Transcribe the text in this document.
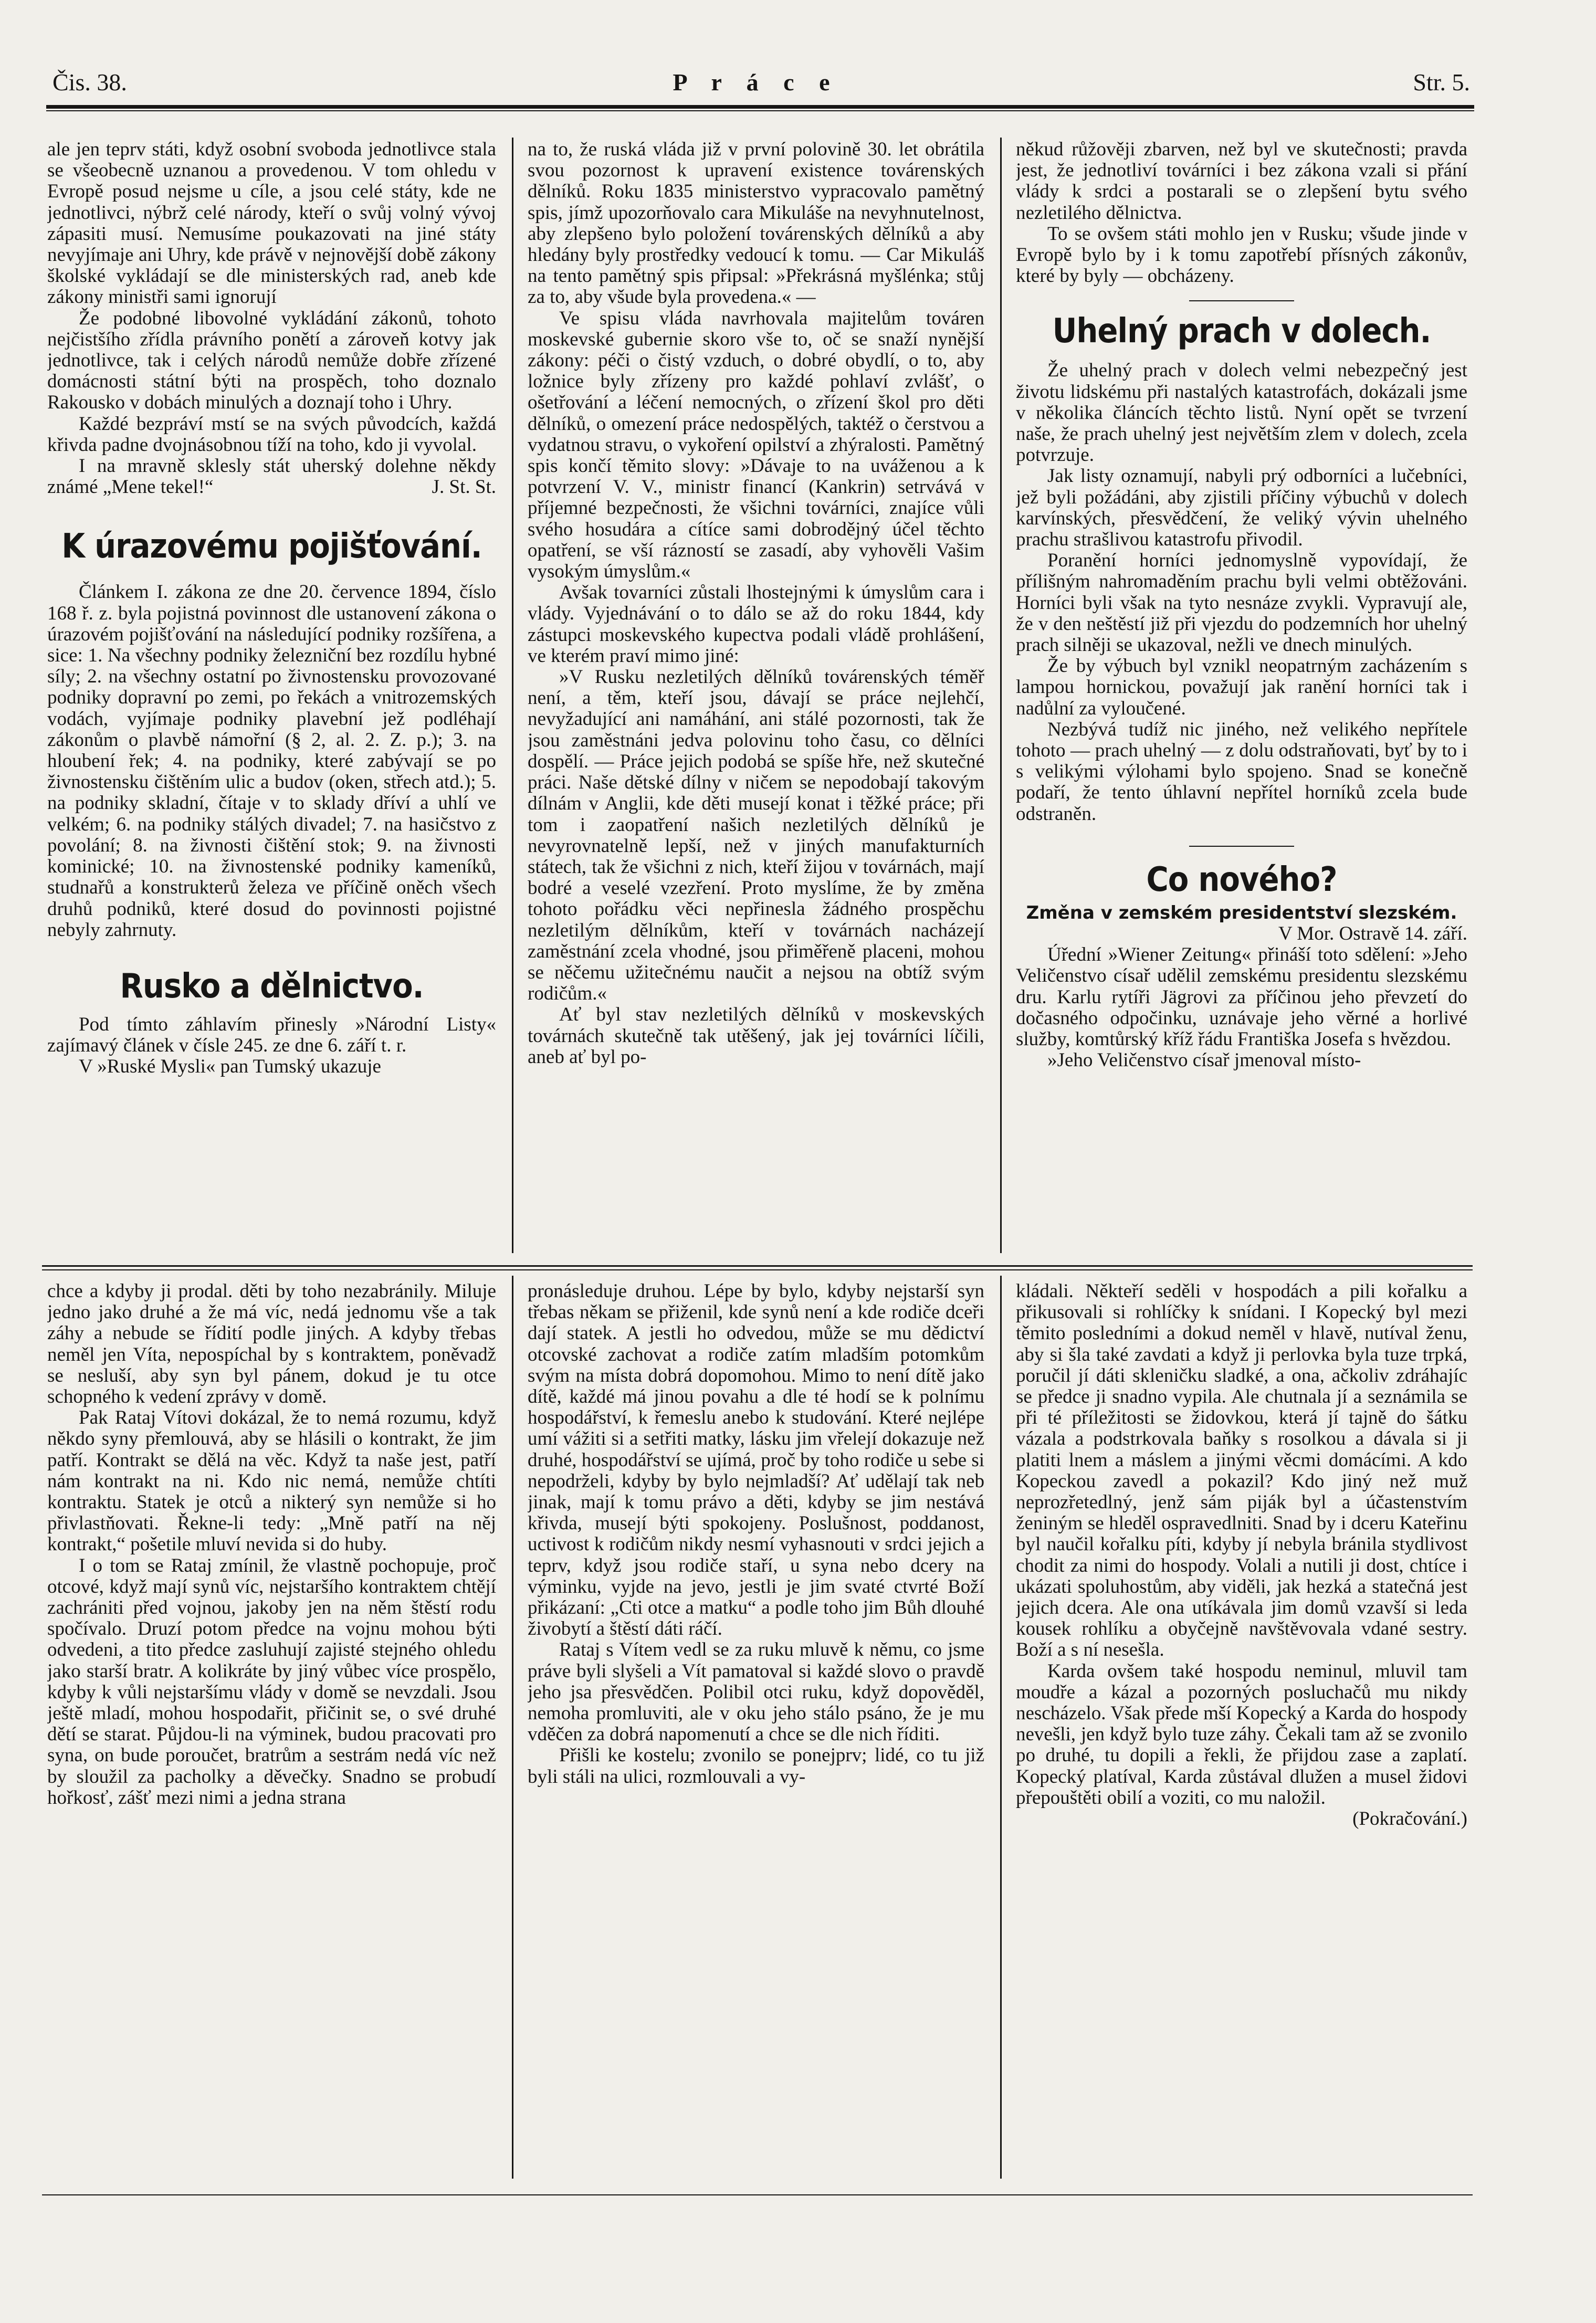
Čis. 38.	P r á c e	Str. 5.

ale jen teprv státi, když osobní svoboda jednotlivce stala se všeobecně uznanou a provedenou. V tom ohledu v Evropě posud nejsme u cíle, a jsou celé státy, kde ne jednotlivci, nýbrž celé národy, kteří o svůj volný vývoj zápasiti musí. Nemusíme poukazovati na jiné státy nevyjímaje ani Uhry, kde právě v nejnovější době zákony školské vykládají se dle ministerských rad, aneb kde zákony ministři sami ignorují

Že podobné libovolné vykládání zákonů, tohoto nejčistšího zřídla právního ponětí a zároveň kotvy jak jednotlivce, tak i celých národů nemůže dobře zřízené domácnosti státní býti na prospěch, toho doznalo Rakousko v dobách minulých a doznají toho i Uhry.

Každé bezpráví mstí se na svých původcích, každá křivda padne dvojnásobnou tíží na toho, kdo ji vyvolal.

I na mravně sklesly stát uherský dolehne někdy známé „Mene tekel!“	J. St. St.

K úrazovému pojišťování.

Článkem I. zákona ze dne 20. července 1894, číslo 168 ř. z. byla pojistná povinnost dle ustanovení zákona o úrazovém pojišťování na následující podniky rozšířena, a sice: 1. Na všechny podniky železniční bez rozdílu hybné síly; 2. na všechny ostatní po živnostensku provozované podniky dopravní po zemi, po řekách a vnitrozemských vodách, vyjímaje podniky plavební jež podléhají zákonům o plavbě námořní (§ 2, al. 2. Z. p.); 3. na hloubení řek; 4. na podniky, které zabývají se po živnostensku čištěním ulic a budov (oken, střech atd.); 5. na podniky skladní, čítaje v to sklady dříví a uhlí ve velkém; 6. na podniky stálých divadel; 7. na hasičstvo z povolání; 8. na živnosti čištění stok; 9. na živnosti kominické; 10. na živnostenské podniky kameníků, studnařů a konstrukterů železa ve příčině oněch všech druhů podniků, které dosud do povinnosti pojistné nebyly zahrnuty.

Rusko a dělnictvo.

Pod tímto záhlavím přinesly »Národní Listy« zajímavý článek v čísle 245. ze dne 6. září t. r.

V »Ruské Mysli« pan Tumský ukazuje

na to, že ruská vláda již v první polovině 30. let obrátila svou pozornost k upravení existence továrenských dělníků. Roku 1835 ministerstvo vypracovalo pamětný spis, jímž upozorňovalo cara Mikuláše na nevyhnutelnost, aby zlepšeno bylo položení továrenských dělníků a aby hledány byly prostředky vedoucí k tomu. — Car Mikuláš na tento pamětný spis připsal: »Překrásná myšlénka; stůj za to, aby všude byla provedena.« —

Ve spisu vláda navrhovala majitelům továren moskevské gubernie skoro vše to, oč se snaží nynější zákony: péči o čistý vzduch, o dobré obydlí, o to, aby ložnice byly zřízeny pro každé pohlaví zvlášť, o ošetřování a léčení nemocných, o zřízení škol pro děti dělníků, o omezení práce nedospělých, taktéž o čerstvou a vydatnou stravu, o vykoření opilství a zhýralosti. Pamětný spis končí těmito slovy: »Dávaje to na uváženou a k potvrzení V. V., ministr financí (Kankrin) setrvává v příjemné bezpečnosti, že všichni továrníci, znajíce vůli svého hosudára a cítíce sami dobrodějný účel těchto opatření, se vší rázností se zasadí, aby vyhověli Vašim vysokým úmyslům.«

Avšak tovarníci zůstali lhostejnými k úmyslům cara i vlády. Vyjednávání o to dálo se až do roku 1844, kdy zástupci moskevského kupectva podali vládě prohlášení, ve kterém praví mimo jiné:

»V Rusku nezletilých dělníků továrenských téměř není, a těm, kteří jsou, dávají se práce nejlehčí, nevyžadující ani namáhání, ani stálé pozornosti, tak že jsou zaměstnáni jedva polovinu toho času, co dělníci dospělí. — Práce jejich podobá se spíše hře, než skutečné práci. Naše dětské dílny v ničem se nepodobají takovým dílnám v Anglii, kde děti musejí konat i těžké práce; při tom i zaopatření našich nezletilých dělníků je nevyrovnatelně lepší, než v jiných manufakturních státech, tak že všichni z nich, kteří žijou v továrnách, mají bodré a veselé vzezření. Proto myslíme, že by změna tohoto pořádku věci nepřinesla žádného prospěchu nezletilým dělníkům, kteří v továrnách nacházejí zaměstnání zcela vhodné, jsou přiměřeně placeni, mohou se něčemu užitečnému naučit a nejsou na obtíž svým rodičům.«

Ať byl stav nezletilých dělníků v moskevských továrnách skutečně tak utěšený, jak jej továrníci líčili, aneb ať byl po-

někud růžověji zbarven, než byl ve skutečnosti; pravda jest, že jednotliví továrníci i bez zákona vzali si přání vlády k srdci a postarali se o zlepšení bytu svého nezletilého dělnictva.

To se ovšem státi mohlo jen v Rusku; všude jinde v Evropě bylo by i k tomu zapotřebí přísných zákonův, které by byly — obcházeny.

Uhelný prach v dolech.

Že uhelný prach v dolech velmi nebezpečný jest životu lidskému při nastalých katastrofách, dokázali jsme v několika článcích těchto listů. Nyní opět se tvrzení naše, že prach uhelný jest největším zlem v dolech, zcela potvrzuje.

Jak listy oznamují, nabyli prý odborníci a lučebníci, jež byli požádáni, aby zjistili příčiny výbuchů v dolech karvínských, přesvědčení, že veliký vývin uhelného prachu strašlivou katastrofu přivodil.

Poranění horníci jednomyslně vypovídají, že přílišným nahromaděním prachu byli velmi obtěžováni. Horníci byli však na tyto nesnáze zvykli. Vypravují ale, že v den neštěstí již při vjezdu do podzemních hor uhelný prach silněji se ukazoval, nežli ve dnech minulých.

Že by výbuch byl vznikl neopatrným zacházením s lampou hornickou, považují jak ranění horníci tak i nadůlní za vyloučené.

Nezbývá tudíž nic jiného, než velikého nepřítele tohoto — prach uhelný — z dolu odstraňovati, byť by to i s velikými výlohami bylo spojeno. Snad se konečně podaří, že tento úhlavní nepřítel horníků zcela bude odstraněn.

Co nového?
Změna v zemském presidentství slezském.

V Mor. Ostravě 14. září.

Úřední »Wiener Zeitung« přináší toto sdělení: »Jeho Veličenstvo císař udělil zemskému presidentu slezskému dru. Karlu rytíři Jägrovi za příčinou jeho převzetí do dočasného odpočinku, uznávaje jeho věrné a horlivé služby, komtůrský kříž řádu Františka Josefa s hvězdou.

»Jeho Veličenstvo císař jmenoval místo-

chce a kdyby ji prodal. děti by toho nezabránily. Miluje jedno jako druhé a že má víc, nedá jednomu vše a tak záhy a nebude se řídití podle jiných. A kdyby třebas neměl jen Víta, nepospíchal by s kontraktem, poněvadž se nesluší, aby syn byl pánem, dokud je tu otce schopného k vedení zprávy v domě.

Pak Rataj Vítovi dokázal, že to nemá rozumu, když někdo syny přemlouvá, aby se hlásili o kontrakt, že jim patří. Kontrakt se dělá na věc. Když ta naše jest, patří nám kontrakt na ni. Kdo nic nemá, nemůže chtíti kontraktu. Statek je otců a nikterý syn nemůže si ho přivlastňovati. Řekne-li tedy: „Mně patří na něj kontrakt,“ pošetile mluví nevida si do huby.

I o tom se Rataj zmínil, že vlastně pochopuje, proč otcové, když mají synů víc, nejstaršího kontraktem chtějí zachrániti před vojnou, jakoby jen na něm štěstí rodu spočívalo. Druzí potom předce na vojnu mohou býti odvedeni, a tito předce zasluhují zajisté stejného ohledu jako starší bratr. A kolikráte by jiný vůbec více prospělo, kdyby k vůli nejstaršímu vlády v domě se nevzdali. Jsou ještě mladí, mohou hospodařit, přičinit se, o své druhé dětí se starat. Půjdou-li na výminek, budou pracovati pro syna, on bude poroučet, bratrům a sestrám nedá víc než by sloužil za pacholky a děvečky. Snadno se probudí hořkosť, zášť mezi nimi a jedna strana

pronásleduje druhou. Lépe by bylo, kdyby nejstarší syn třebas někam se přiženil, kde synů není a kde rodiče dceři dají statek. A jestli ho odvedou, může se mu dědictví otcovské zachovat a rodiče zatím mladším potomkům svým na místa dobrá dopomohou. Mimo to není dítě jako dítě, každé má jinou povahu a dle té hodí se k polnímu hospodářství, k řemeslu anebo k studování. Které nejlépe umí vážiti si a setřiti matky, lásku jim vřelejí dokazuje než druhé, hospodářství se ujímá, proč by toho rodiče u sebe si nepodrželi, kdyby by bylo nejmladší? Ať udělají tak neb jinak, mají k tomu právo a děti, kdyby se jim nestává křivda, musejí býti spokojeny. Poslušnost, poddanost, uctivost k rodičům nikdy nesmí vyhasnouti v srdci jejich a teprv, když jsou rodiče staří, u syna nebo dcery na výminku, vyjde na jevo, jestli je jim svaté ctvrté Boží přikázaní: „Cti otce a matku“ a podle toho jim Bůh dlouhé živobytí a štěstí dáti ráčí.

Rataj s Vítem vedl se za ruku mluvě k němu, co jsme práve byli slyšeli a Vít pamatoval si každé slovo o pravdě jeho jsa přesvědčen. Polibil otci ruku, když dopověděl, nemoha promluviti, ale v oku jeho stálo psáno, že je mu vděčen za dobrá napomenutí a chce se dle nich říditi.

Přišli ke kostelu; zvonilo se ponejprv; lidé, co tu již byli stáli na ulici, rozmlouvali a vy-

kládali. Někteří seděli v hospodách a pili kořalku a přikusovali si rohlíčky k snídani. I Kopecký byl mezi těmito posledními a dokud neměl v hlavě, nutíval ženu, aby si šla také zavdati a když ji perlovka byla tuze trpká, poručil jí dáti skleničku sladké, a ona, ačkoliv zdráhajíc se předce ji snadno vypila. Ale chutnala jí a seznámila se při té příležitosti se židovkou, která jí tajně do šátku vázala a podstrkovala baňky s rosolkou a dávala si ji platiti lnem a máslem a jinými věcmi domácími. A kdo Kopeckou zavedl a pokazil? Kdo jiný než muž neprozřetedlný, jenž sám piják byl a účastenstvím ženiným se hleděl ospravedlniti. Snad by i dceru Kateřinu byl naučil kořalku píti, kdyby jí nebyla bránila stydlivost chodit za nimi do hospody. Volali a nutili ji dost, chtíce i ukázati spoluhostům, aby viděli, jak hezká a statečná jest jejich dcera. Ale ona utíkávala jim domů vzavší si leda kousek rohlíku a obyčejně navštěvovala vdané sestry. Boží a s ní nesešla.

Karda ovšem také hospodu neminul, mluvil tam moudře a kázal a pozorných posluchačů mu nikdy nescházelo. Však přede mší Kopecký a Karda do hospody nevešli, jen když bylo tuze záhy. Čekali tam až se zvonilo po druhé, tu dopili a řekli, že přijdou zase a zaplatí. Kopecký platíval, Karda zůstával dlužen a musel židovi přepouštěti obilí a voziti, co mu naložil.

(Pokračování.)
